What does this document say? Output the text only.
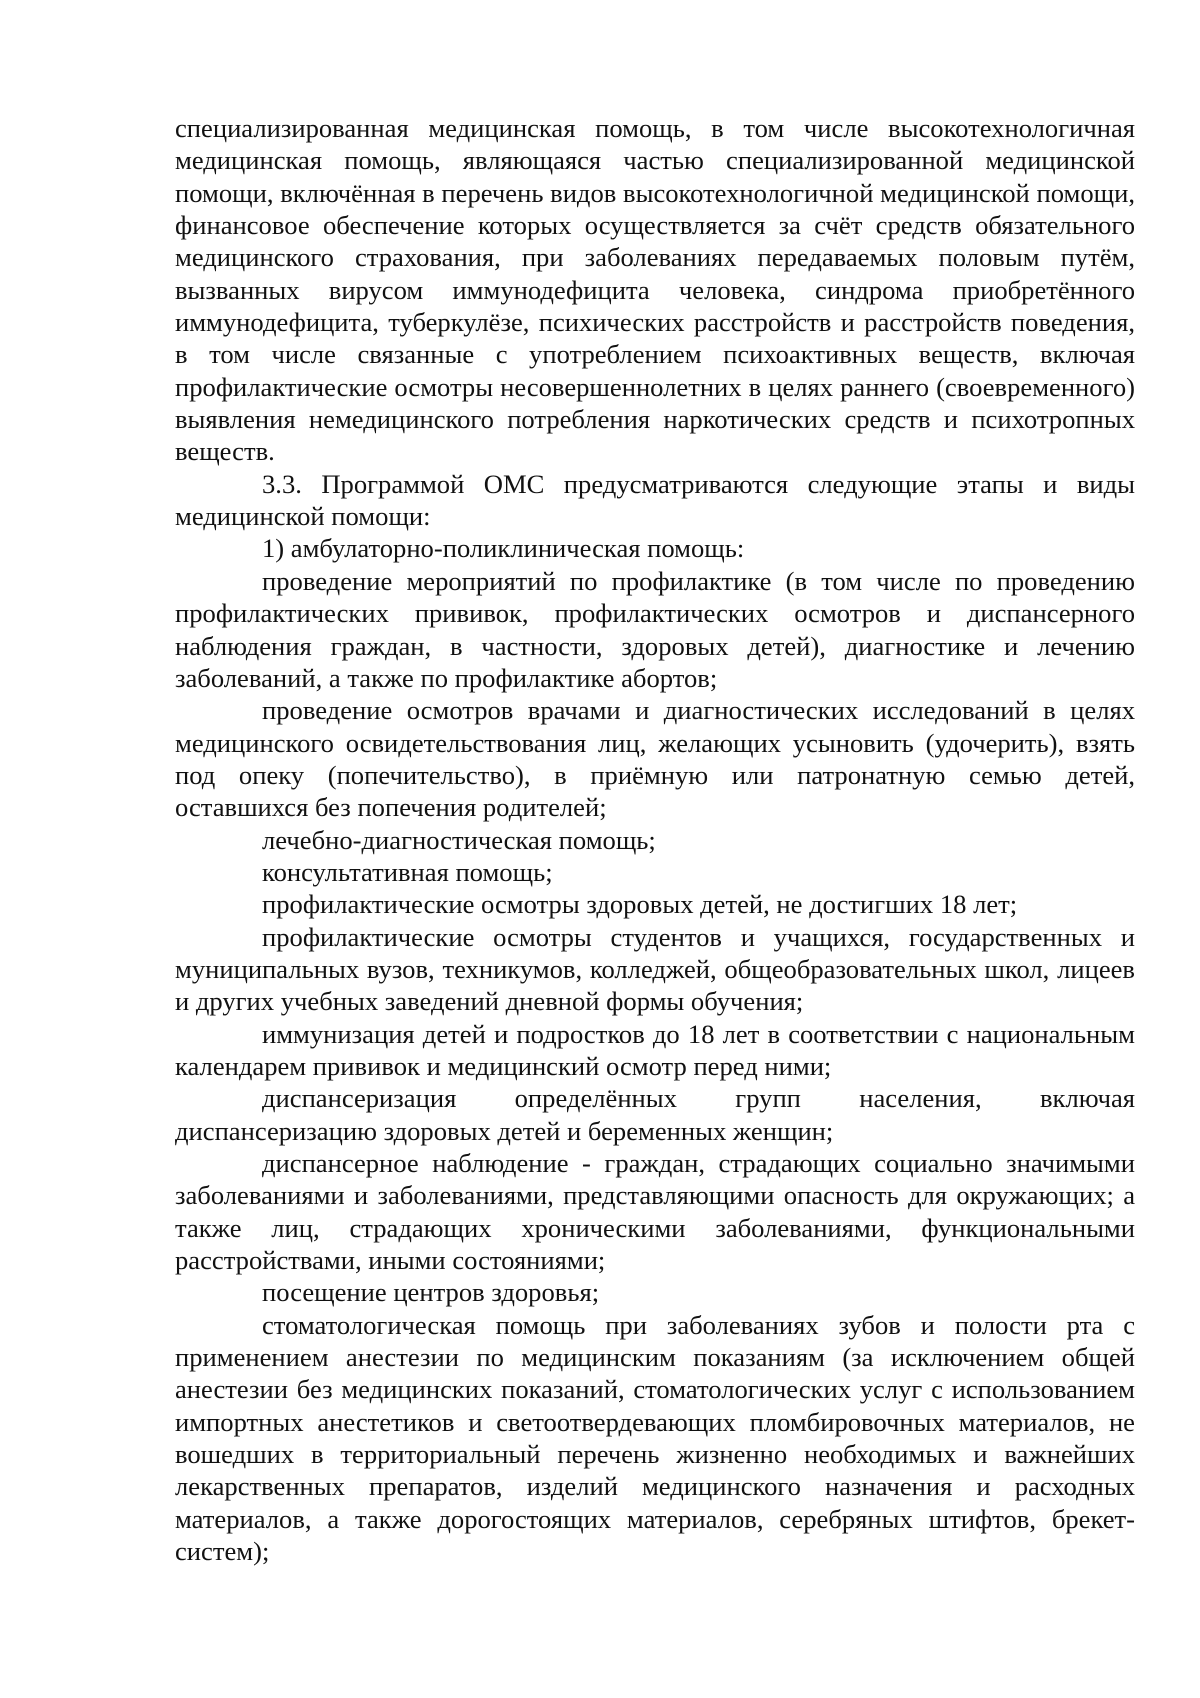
специализированная медицинская помощь, в том числе высокотехнологичная медицинская помощь, являющаяся частью специализированной медицинской помощи, включённая в перечень видов высокотехнологичной медицинской помощи, финансовое обеспечение которых осуществляется за счёт средств обязательного медицинского страхования, при заболеваниях передаваемых половым путём, вызванных вирусом иммунодефицита человека, синдрома приобретённого иммунодефицита, туберкулёзе, психических расстройств и расстройств поведения, в том числе связанные с употреблением психоактивных веществ, включая профилактические осмотры несовершеннолетних в целях раннего (своевременного) выявления немедицинского потребления наркотических средств и психотропных веществ.

3.3. Программой ОМС предусматриваются следующие этапы и виды медицинской помощи:

1) амбулаторно-поликлиническая помощь:

проведение мероприятий по профилактике (в том числе по проведению профилактических прививок, профилактических осмотров и диспансерного наблюдения граждан, в частности, здоровых детей), диагностике и лечению заболеваний, а также по профилактике абортов;

проведение осмотров врачами и диагностических исследований в целях медицинского освидетельствования лиц, желающих усыновить (удочерить), взять под опеку (попечительство), в приёмную или патронатную семью детей, оставшихся без попечения родителей;

лечебно-диагностическая помощь;

консультативная помощь;

профилактические осмотры здоровых детей, не достигших 18 лет;

профилактические осмотры студентов и учащихся, государственных и муниципальных вузов, техникумов, колледжей, общеобразовательных школ, лицеев и других учебных заведений дневной формы обучения;

иммунизация детей и подростков до 18 лет в соответствии с национальным календарем прививок и медицинский осмотр перед ними;

диспансеризация определённых групп населения, включая диспансеризацию здоровых детей и беременных женщин;

диспансерное наблюдение - граждан, страдающих социально значимыми заболеваниями и заболеваниями, представляющими опасность для окружающих; а также лиц, страдающих хроническими заболеваниями, функциональными расстройствами, иными состояниями;

посещение центров здоровья;

стоматологическая помощь при заболеваниях зубов и полости рта с применением анестезии по медицинским показаниям (за исключением общей анестезии без медицинских показаний, стоматологических услуг с использованием импортных анестетиков и светоотвердевающих пломбировочных материалов, не вошедших в территориальный перечень жизненно необходимых и важнейших лекарственных препаратов, изделий медицинского назначения и расходных материалов, а также дорогостоящих материалов, серебряных штифтов, брекет-систем);
